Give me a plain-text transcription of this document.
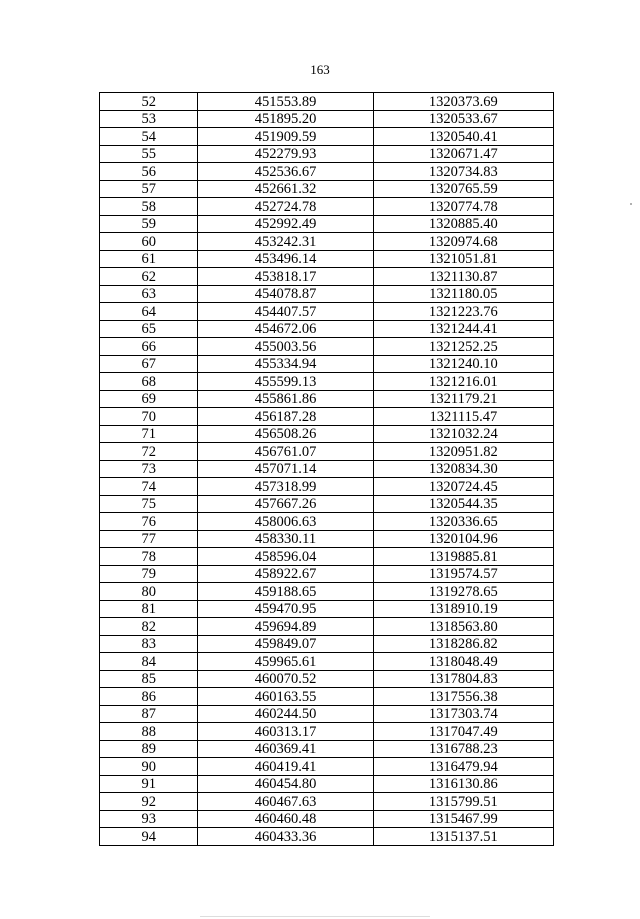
163
52	451553.89	1320373.69
53	451895.20	1320533.67
54	451909.59	1320540.41
55	452279.93	1320671.47
56	452536.67	1320734.83
57	452661.32	1320765.59
58	452724.78	1320774.78
59	452992.49	1320885.40
60	453242.31	1320974.68
61	453496.14	1321051.81
62	453818.17	1321130.87
63	454078.87	1321180.05
64	454407.57	1321223.76
65	454672.06	1321244.41
66	455003.56	1321252.25
67	455334.94	1321240.10
68	455599.13	1321216.01
69	455861.86	1321179.21
70	456187.28	1321115.47
71	456508.26	1321032.24
72	456761.07	1320951.82
73	457071.14	1320834.30
74	457318.99	1320724.45
75	457667.26	1320544.35
76	458006.63	1320336.65
77	458330.11	1320104.96
78	458596.04	1319885.81
79	458922.67	1319574.57
80	459188.65	1319278.65
81	459470.95	1318910.19
82	459694.89	1318563.80
83	459849.07	1318286.82
84	459965.61	1318048.49
85	460070.52	1317804.83
86	460163.55	1317556.38
87	460244.50	1317303.74
88	460313.17	1317047.49
89	460369.41	1316788.23
90	460419.41	1316479.94
91	460454.80	1316130.86
92	460467.63	1315799.51
93	460460.48	1315467.99
94	460433.36	1315137.51
